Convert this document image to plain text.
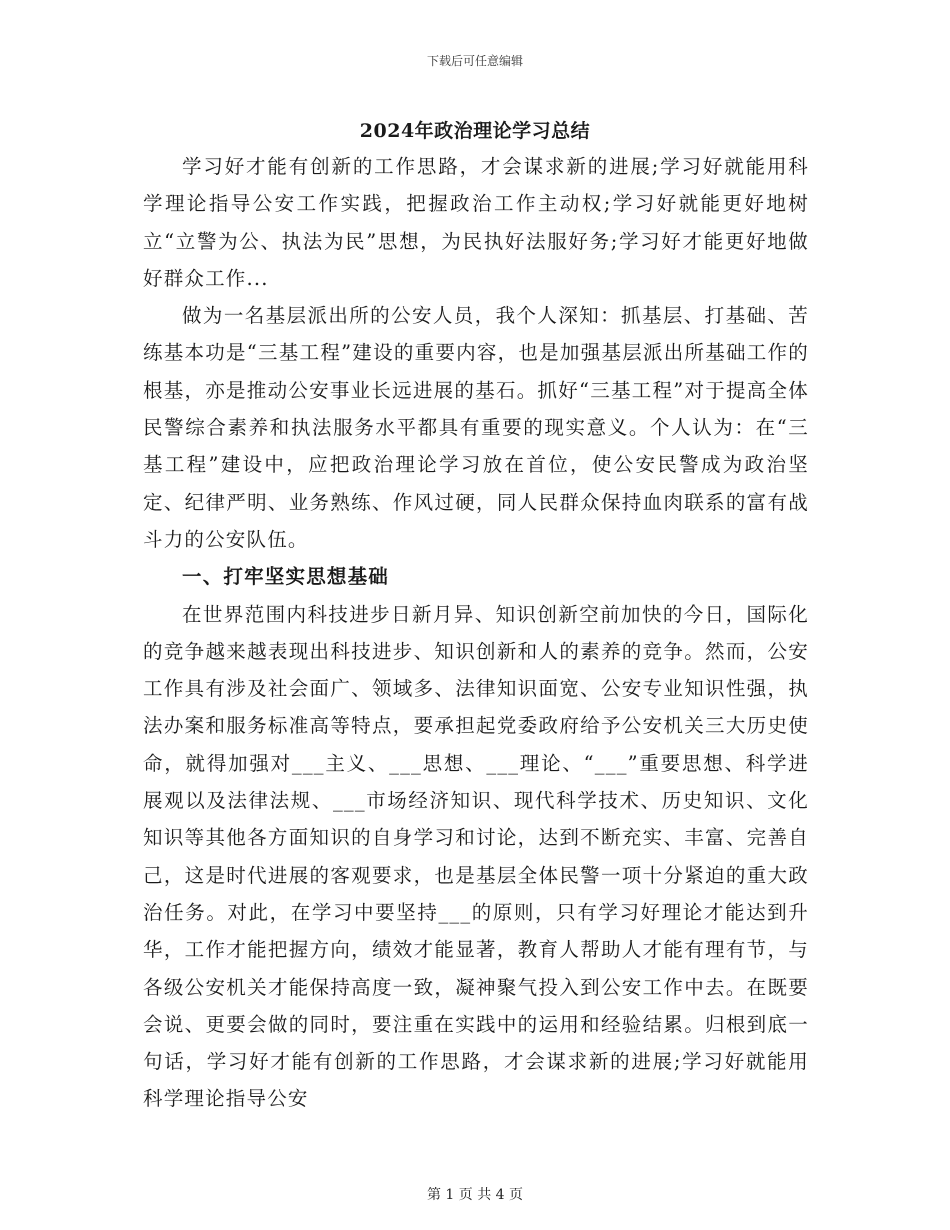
下载后可任意编辑
2024年政治理论学习总结

学习好才能有创新的工作思路，才会谋求新的进展;学习好就能用科学理论指导公安工作实践，把握政治工作主动权;学习好就能更好地树立“立警为公、执法为民”思想，为民执好法服好务;学习好才能更好地做好群众工作...

做为一名基层派出所的公安人员，我个人深知：抓基层、打基础、苦练基本功是“三基工程”建设的重要内容，也是加强基层派出所基础工作的根基，亦是推动公安事业长远进展的基石。抓好“三基工程”对于提高全体民警综合素养和执法服务水平都具有重要的现实意义。个人认为：在“三基工程”建设中，应把政治理论学习放在首位，使公安民警成为政治坚定、纪律严明、业务熟练、作风过硬，同人民群众保持血肉联系的富有战斗力的公安队伍。

一、打牢坚实思想基础

在世界范围内科技进步日新月异、知识创新空前加快的今日，国际化的竞争越来越表现出科技进步、知识创新和人的素养的竞争。然而，公安工作具有涉及社会面广、领域多、法律知识面宽、公安专业知识性强，执法办案和服务标准高等特点，要承担起党委政府给予公安机关三大历史使命，就得加强对___主义、___思想、___理论、“___”重要思想、科学进展观以及法律法规、___市场经济知识、现代科学技术、历史知识、文化知识等其他各方面知识的自身学习和讨论，达到不断充实、丰富、完善自己，这是时代进展的客观要求，也是基层全体民警一项十分紧迫的重大政治任务。对此，在学习中要坚持___的原则，只有学习好理论才能达到升华，工作才能把握方向，绩效才能显著，教育人帮助人才能有理有节，与各级公安机关才能保持高度一致，凝神聚气投入到公安工作中去。在既要会说、更要会做的同时，要注重在实践中的运用和经验结累。归根到底一句话，学习好才能有创新的工作思路，才会谋求新的进展;学习好就能用科学理论指导公安

第 1 页 共 4 页
